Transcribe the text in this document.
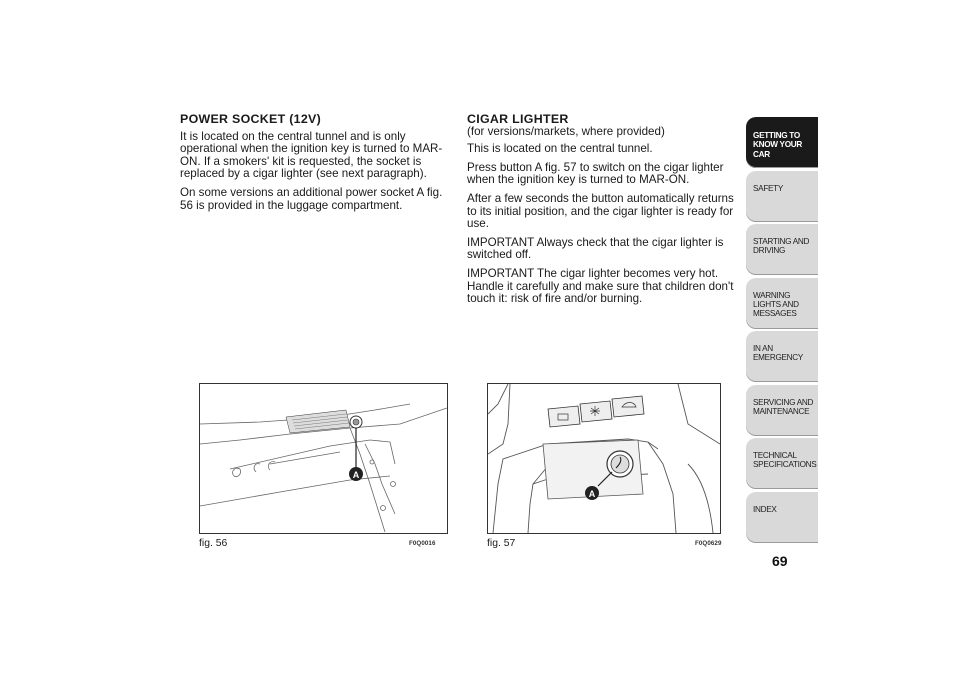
POWER SOCKET (12V)

It is located on the central tunnel and is only operational when the ignition key is turned to MAR-ON. If a smokers' kit is requested, the socket is replaced by a cigar lighter (see next paragraph).

On some versions an additional power socket A fig. 56 is provided in the luggage compartment.

CIGAR LIGHTER

(for versions/markets, where provided)

This is located on the central tunnel.

Press button A fig. 57 to switch on the cigar lighter when the ignition key is turned to MAR-ON.

After a few seconds the button automatically returns to its initial position, and the cigar lighter is ready for use.

IMPORTANT Always check that the cigar lighter is switched off.

IMPORTANT The cigar lighter becomes very hot. Handle it carefully and make sure that children don't touch it: risk of fire and/or burning.

A
fig. 56	F0Q0016
A
fig. 57	F0Q0629
GETTING TO KNOW YOUR CAR
SAFETY
STARTING AND DRIVING
WARNING LIGHTS AND MESSAGES
IN AN EMERGENCY
SERVICING AND MAINTENANCE
TECHNICAL SPECIFICATIONS
INDEX
69
